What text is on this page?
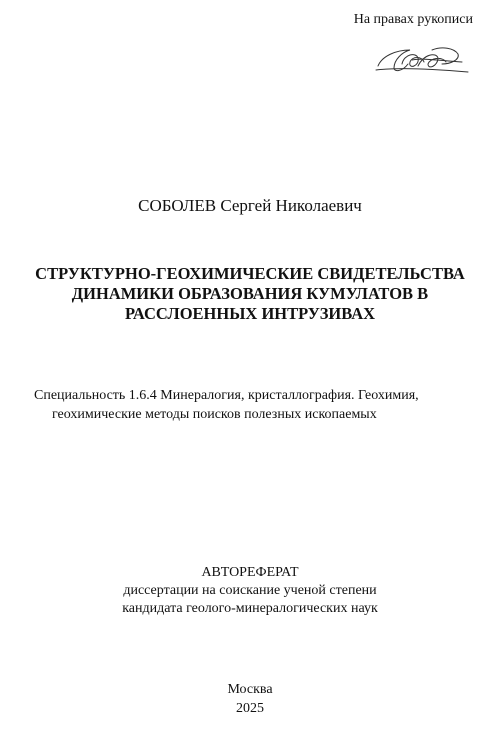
На правах рукописи
СОБОЛЕВ Сергей Николаевич
СТРУКТУРНО-ГЕОХИМИЧЕСКИЕ СВИДЕТЕЛЬСТВА
ДИНАМИКИ ОБРАЗОВАНИЯ КУМУЛАТОВ В
РАССЛОЕННЫХ ИНТРУЗИВАХ
Специальность 1.6.4 Минералогия, кристаллография. Геохимия,
геохимические методы поисков полезных ископаемых
АВТОРЕФЕРАТ
диссертации на соискание ученой степени
кандидата геолого-минералогических наук
Москва
2025
